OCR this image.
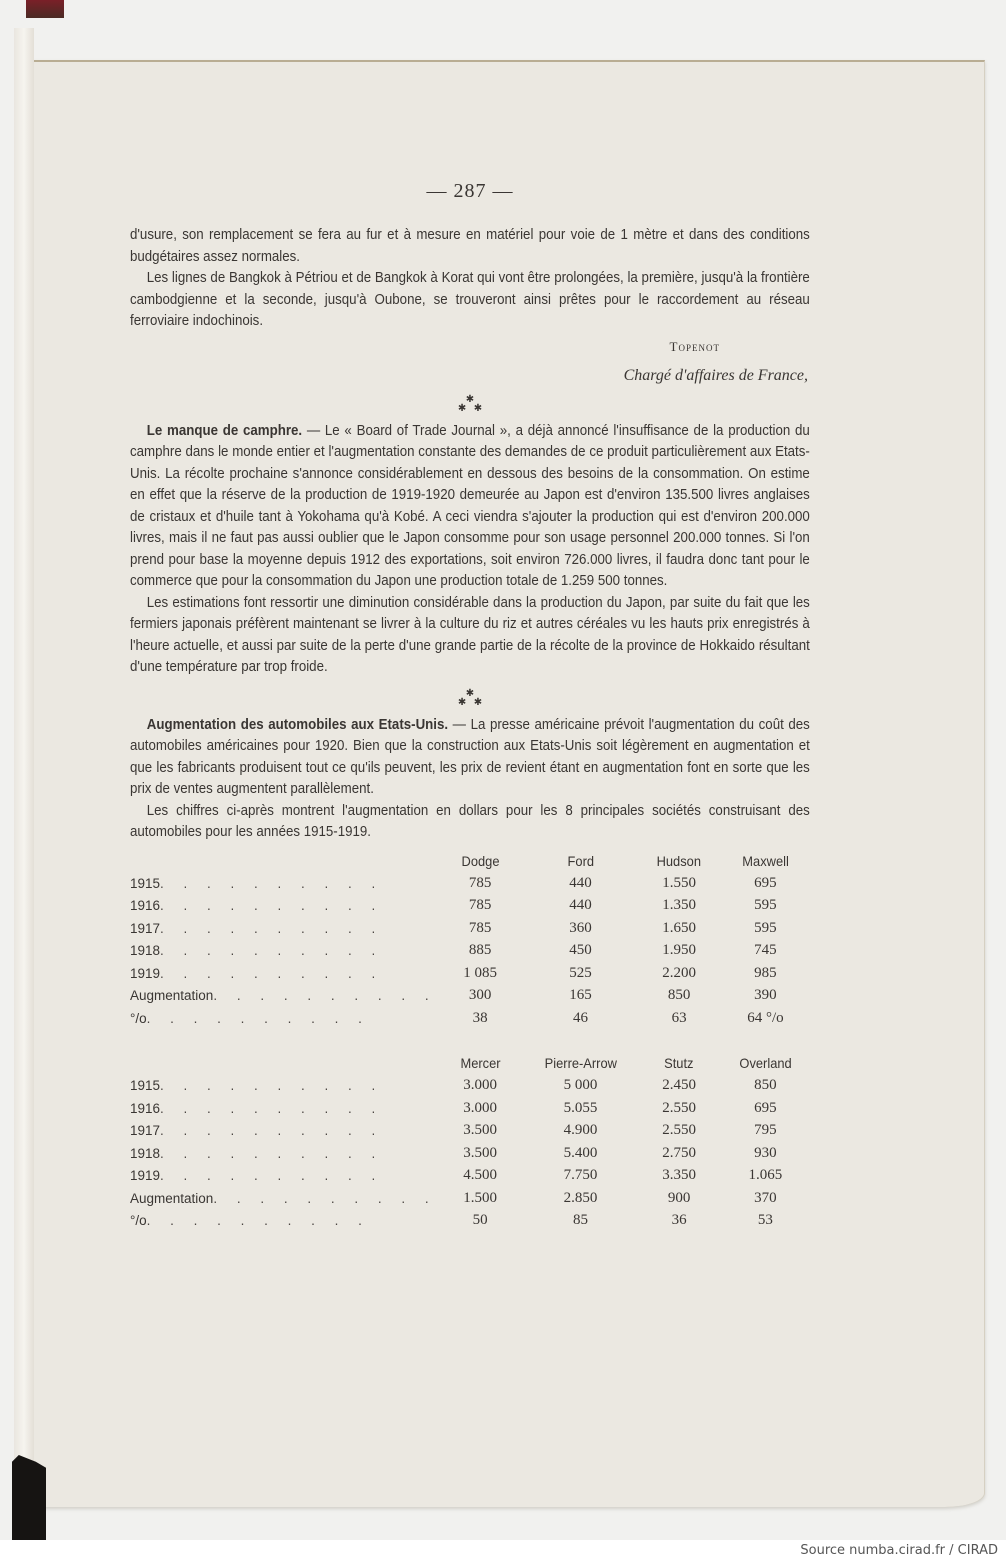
— 287 —

d'usure, son remplacement se fera au fur et à mesure en matériel pour voie de 1 mètre et dans des conditions budgétaires assez normales.

Les lignes de Bangkok à Pétriou et de Bangkok à Korat qui vont être prolongées, la première, jusqu'à la frontière cambodgienne et la seconde, jusqu'à Oubone, se trouveront ainsi prêtes pour le raccordement au réseau ferroviaire indochinois.

Topenot
Chargé d'affaires de France,
✱
✱   ✱

Le manque de camphre. — Le « Board of Trade Journal », a déjà annoncé l'insuffisance de la production du camphre dans le monde entier et l'augmentation constante des demandes de ce produit particulièrement aux Etats-Unis. La récolte prochaine s'annonce considérablement en dessous des besoins de la consommation. On estime en effet que la réserve de la production de 1919-1920 demeurée au Japon est d'environ 135.500 livres anglaises de cristaux et d'huile tant à Yokohama qu'à Kobé. A ceci viendra s'ajouter la production qui est d'environ 200.000 livres, mais il ne faut pas aussi oublier que le Japon consomme pour son usage personnel 200.000 tonnes. Si l'on prend pour base la moyenne depuis 1912 des exportations, soit environ 726.000 livres, il faudra donc tant pour le commerce que pour la consommation du Japon une production totale de 1.259 500 tonnes.

Les estimations font ressortir une diminution considérable dans la production du Japon, par suite du fait que les fermiers japonais préfèrent maintenant se livrer à la culture du riz et autres céréales vu les hauts prix enregistrés à l'heure actuelle, et aussi par suite de la perte d'une grande partie de la récolte de la province de Hokkaido résultant d'une température par trop froide.

✱
✱   ✱

Augmentation des automobiles aux Etats-Unis. — La presse américaine prévoit l'augmentation du coût des automobiles américaines pour 1920. Bien que la construction aux Etats-Unis soit légèrement en augmentation et que les fabricants produisent tout ce qu'ils peuvent, les prix de revient étant en augmentation font en sorte que les prix de ventes augmentent parallèlement.

Les chiffres ci-après montrent l'augmentation en dollars pour les 8 principales sociétés construisant des automobiles pour les années 1915-1919.

	Dodge	Ford	Hudson	Maxwell
1915. . . . . . . . . .	785	440	1.550	695
1916. . . . . . . . . .	785	440	1.350	595
1917. . . . . . . . . .	785	360	1.650	595
1918. . . . . . . . . .	885	450	1.950	745
1919. . . . . . . . . .	1 085	525	2.200	985
Augmentation. . . . . . . . . .	300	165	850	390
°/o. . . . . . . . . .	38	46	63	64 °/o

	Mercer	Pierre-Arrow	Stutz	Overland
1915. . . . . . . . . .	3.000	5 000	2.450	850
1916. . . . . . . . . .	3.000	5.055	2.550	695
1917. . . . . . . . . .	3.500	4.900	2.550	795
1918. . . . . . . . . .	3.500	5.400	2.750	930
1919. . . . . . . . . .	4.500	7.750	3.350	1.065
Augmentation. . . . . . . . . .	1.500	2.850	900	370
°/o. . . . . . . . . .	50	85	36	53
Source numba.cirad.fr / CIRAD
